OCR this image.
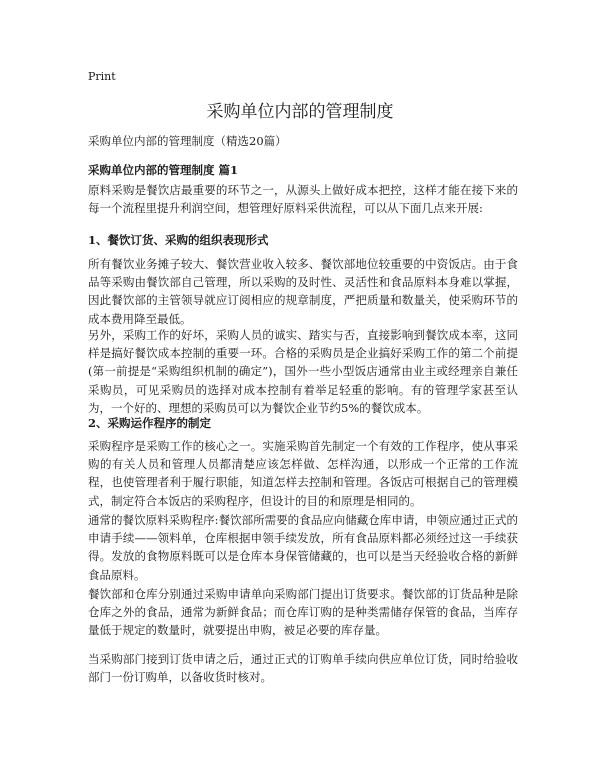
Print
采购单位内部的管理制度
采购单位内部的管理制度（精选20篇）
采购单位内部的管理制度 篇1
原料采购是餐饮店最重要的环节之一，从源头上做好成本把控，这样才能在接下来的每一个流程里提升利润空间，想管理好原料采供流程，可以从下面几点来开展:
1、餐饮订货、采购的组织表现形式
所有餐饮业务摊子较大、餐饮营业收入较多、餐饮部地位较重要的中资饭店。由于食品等采购由餐饮部自己管理，所以采购的及时性、灵活性和食品原料本身难以掌握，因此餐饮部的主管领导就应订阅相应的规章制度，严把质量和数量关，使采购环节的成本费用降至最低。
另外，采购工作的好坏，采购人员的诚实、踏实与否，直接影响到餐饮成本率，这同样是搞好餐饮成本控制的重要一环。合格的采购员是企业搞好采购工作的第二个前提(第一前提是“采购组织机制的确定”)，国外一些小型饭店通常由业主或经理亲自兼任采购员，可见采购员的选择对成本控制有着举足轻重的影响。有的管理学家甚至认为，一个好的、理想的采购员可以为餐饮企业节约5%的餐饮成本。
2、采购运作程序的制定
采购程序是采购工作的核心之一。实施采购首先制定一个有效的工作程序，使从事采购的有关人员和管理人员都清楚应该怎样做、怎样沟通，以形成一个正常的工作流程，也使管理者利于履行职能，知道怎样去控制和管理。各饭店可根据自己的管理模式，制定符合本饭店的采购程序，但设计的目的和原理是相同的。
通常的餐饮原料采购程序:餐饮部所需要的食品应向储藏仓库申请，申领应通过正式的申请手续——领料单，仓库根据申领手续发放，所有食品原料都必须经过这一手续获得。发放的食物原料既可以是仓库本身保管储藏的，也可以是当天经验收合格的新鲜食品原料。
餐饮部和仓库分别通过采购申请单向采购部门提出订货要求。餐饮部的订货品种是除仓库之外的食品，通常为新鲜食品；而仓库订购的是种类需储存保管的食品，当库存量低于规定的数量时，就要提出申购，被足必要的库存量。
当采购部门接到订货申请之后，通过正式的订购单手续向供应单位订货，同时给验收部门一份订购单，以备收货时核对。
